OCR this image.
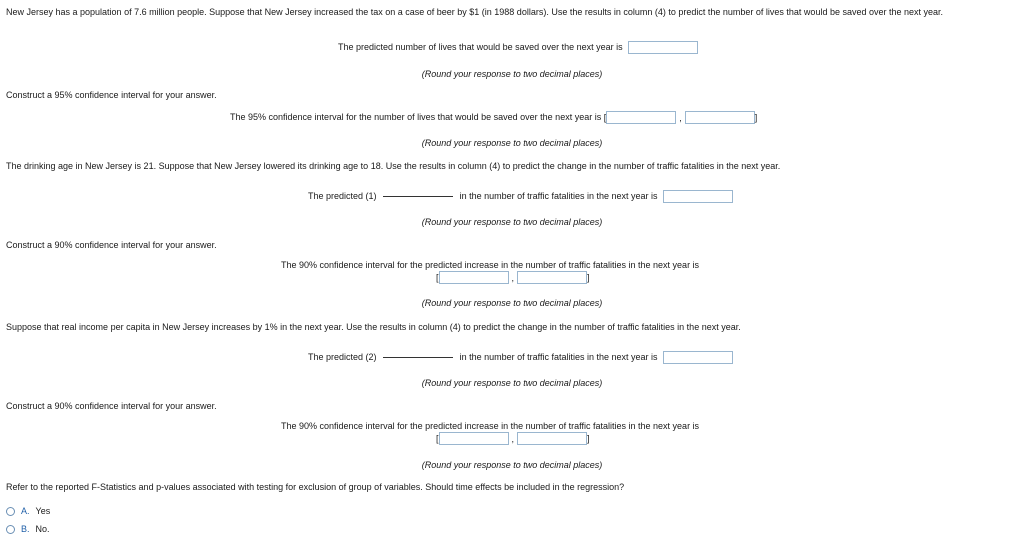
New Jersey has a population of 7.6 million people. Suppose that New Jersey increased the tax on a case of beer by $1 (in 1988 dollars). Use the results in column (4) to predict the number of lives that would be saved over the next year.
The predicted number of lives that would be saved over the next year is
(Round your response to two decimal places)
Construct a 95% confidence interval for your answer.
The 95% confidence interval for the number of lives that would be saved over the next year is [	,	]
(Round your response to two decimal places)
The drinking age in New Jersey is 21. Suppose that New Jersey lowered its drinking age to 18. Use the results in column (4) to predict the change in the number of traffic fatalities in the next year.
The predicted (1)	in the number of traffic fatalities in the next year is
(Round your response to two decimal places)
Construct a 90% confidence interval for your answer.
The 90% confidence interval for the predicted increase in the number of traffic fatalities in the next year is
[	,	]
(Round your response to two decimal places)
Suppose that real income per capita in New Jersey increases by 1% in the next year. Use the results in column (4) to predict the change in the number of traffic fatalities in the next year.
The predicted (2)	in the number of traffic fatalities in the next year is
(Round your response to two decimal places)
Construct a 90% confidence interval for your answer.
The 90% confidence interval for the predicted increase in the number of traffic fatalities in the next year is
[	,	]
(Round your response to two decimal places)
Refer to the reported F-Statistics and p-values associated with testing for exclusion of group of variables. Should time effects be included in the regression?
A. Yes
B. No.
